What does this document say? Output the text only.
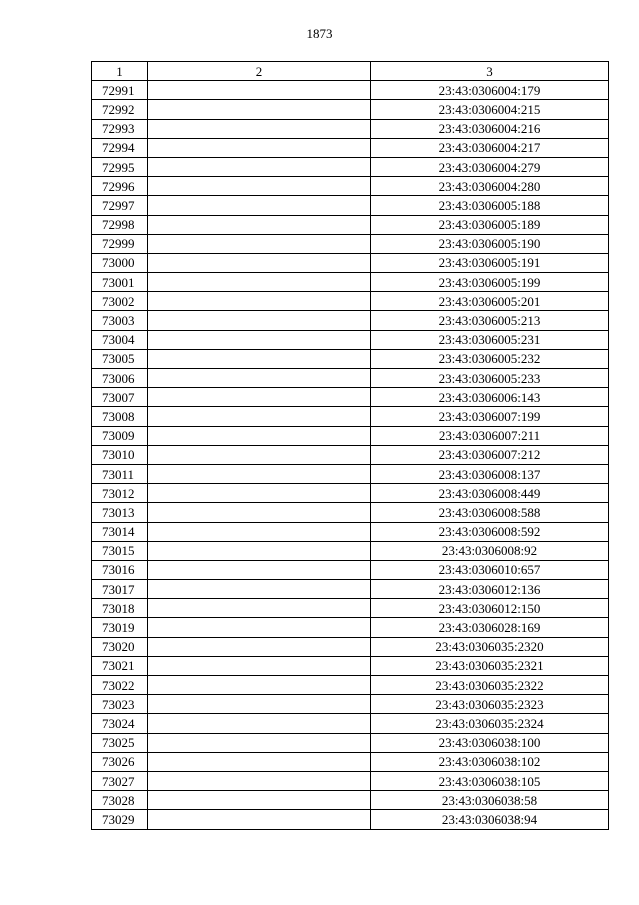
1873
1	2	3
72991		23:43:0306004:179
72992		23:43:0306004:215
72993		23:43:0306004:216
72994		23:43:0306004:217
72995		23:43:0306004:279
72996		23:43:0306004:280
72997		23:43:0306005:188
72998		23:43:0306005:189
72999		23:43:0306005:190
73000		23:43:0306005:191
73001		23:43:0306005:199
73002		23:43:0306005:201
73003		23:43:0306005:213
73004		23:43:0306005:231
73005		23:43:0306005:232
73006		23:43:0306005:233
73007		23:43:0306006:143
73008		23:43:0306007:199
73009		23:43:0306007:211
73010		23:43:0306007:212
73011		23:43:0306008:137
73012		23:43:0306008:449
73013		23:43:0306008:588
73014		23:43:0306008:592
73015		23:43:0306008:92
73016		23:43:0306010:657
73017		23:43:0306012:136
73018		23:43:0306012:150
73019		23:43:0306028:169
73020		23:43:0306035:2320
73021		23:43:0306035:2321
73022		23:43:0306035:2322
73023		23:43:0306035:2323
73024		23:43:0306035:2324
73025		23:43:0306038:100
73026		23:43:0306038:102
73027		23:43:0306038:105
73028		23:43:0306038:58
73029		23:43:0306038:94
